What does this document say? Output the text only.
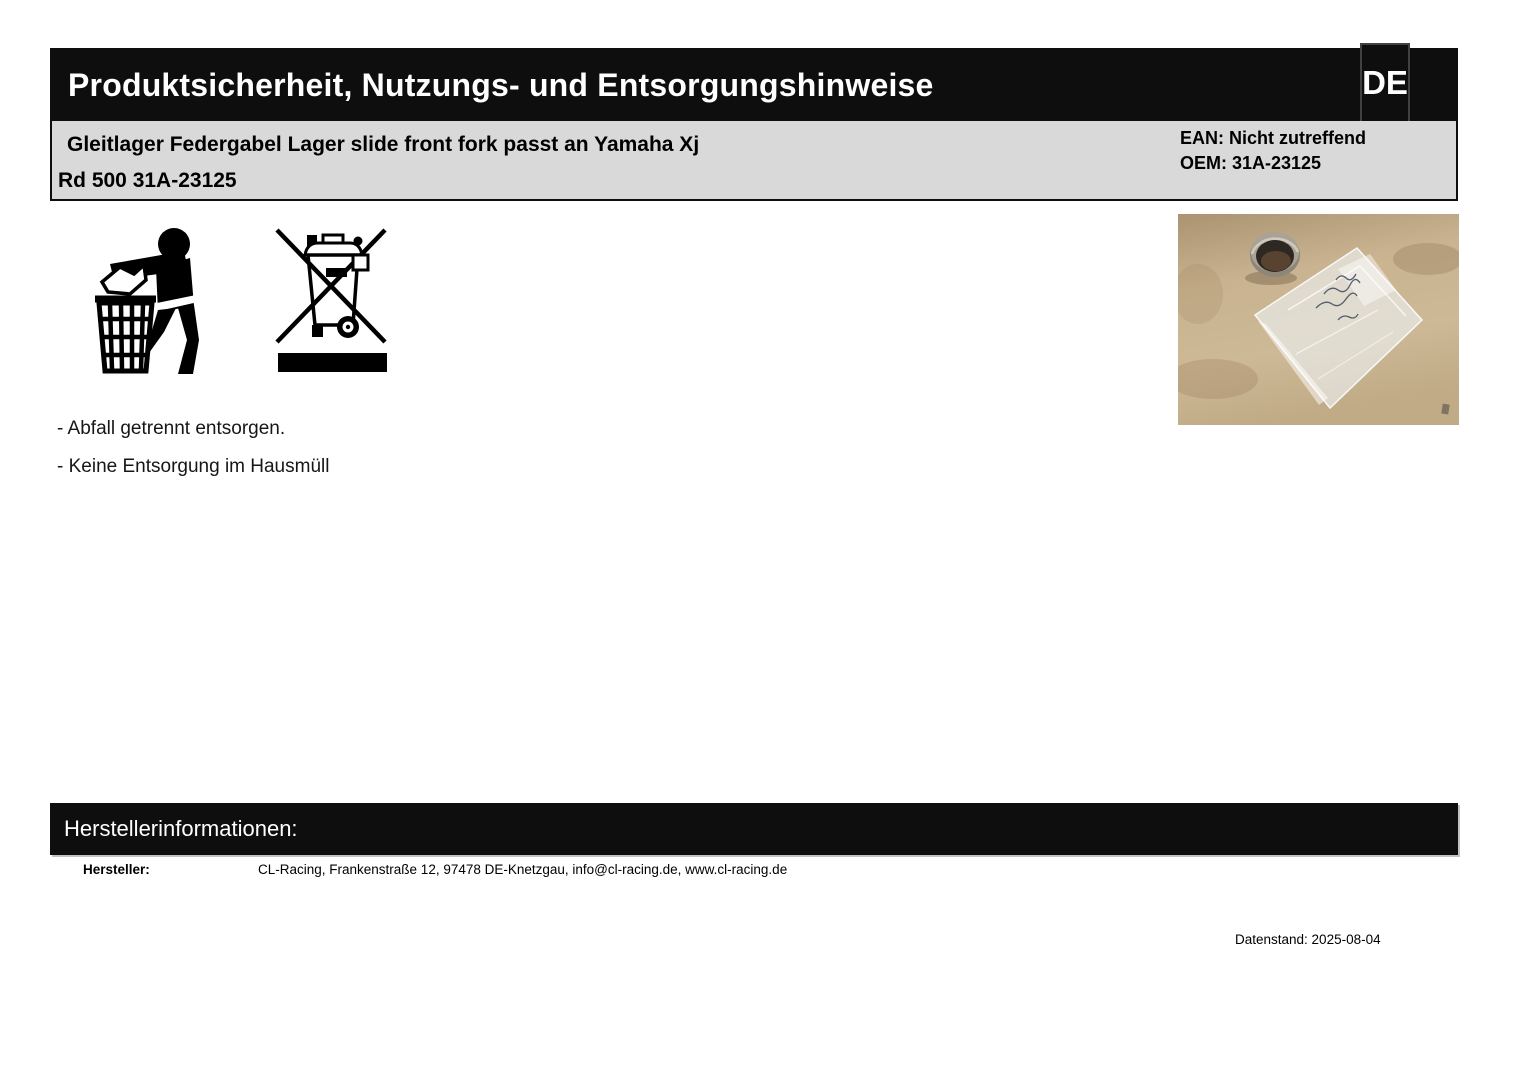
Produktsicherheit, Nutzungs- und Entsorgungshinweise	DE
Gleitlager Federgabel Lager slide front fork passt an Yamaha Xj
Rd 500 31A-23125
EAN: Nicht zutreffend
OEM: 31A-23125
- Abfall getrennt entsorgen.
- Keine Entsorgung im Hausmüll
Herstellerinformationen:
Hersteller:	CL-Racing, Frankenstraße 12, 97478 DE-Knetzgau, info@cl-racing.de, www.cl-racing.de
Datenstand: 2025-08-04
